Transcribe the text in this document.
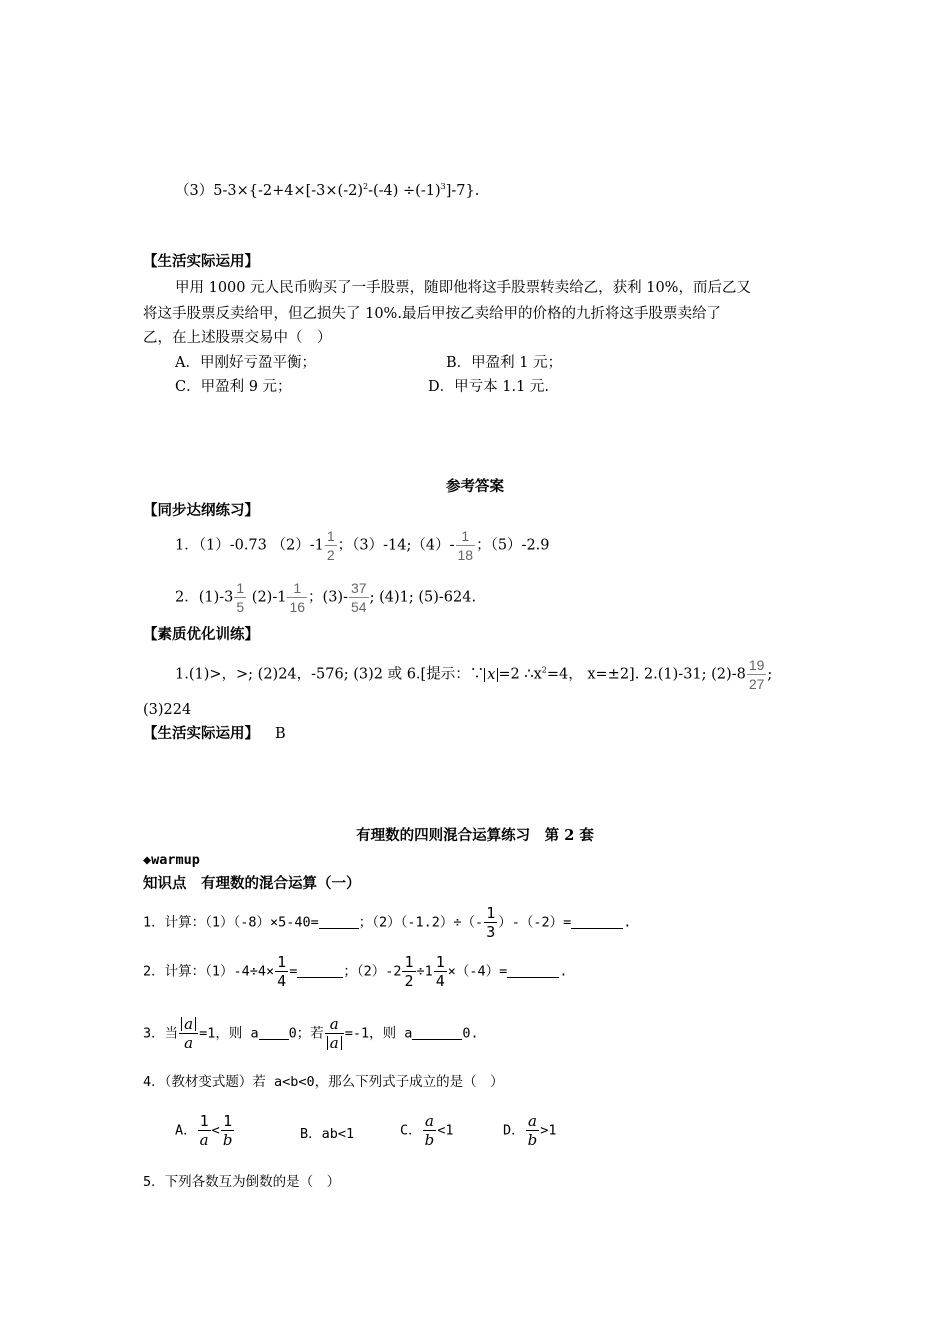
$(3)5-3\times\{-2+4\times[-3\times(-2)^2-(-4) \div(-1)^3]-7\}$.
【生活实际运用】
甲用 1000 元人民币购买了一手股票，随即他将这手股票转卖给乙，获利 10%，而后乙又
将这手股票反卖给甲，但乙损失了 10%.最后甲按乙卖给甲的价格的九折将这手股票卖给了
乙，在上述股票交易中（　）
A．甲刚好亏盈平衡；	B．甲盈利 1 元；
C．甲盈利 9 元；	D．甲亏本 1.1 元.
参考答案
【同步达纲练习】
1．（1）-0.73 $(2)-1 \frac{1}{2}$ ；（3）-14;（4）- $\frac{1}{18}$ ；（5）-2.9
2．$(1)-3 \frac{1}{5} (2)-1 \frac{1}{16}$ ；$(3)- \frac{37}{54}$ ; (4)1; (5)-624.
【素质优化训练】
1.(1)>，>; (2)24，-576; (3)2 或 6.[提示：∵ x =2 $\therefore x^2=4$， x=±2]. 2.(1)-31; $(2)-8 \frac{19}{27}$ ;
(3)224
【生活实际运用】 B
有理数的四则混合运算练习　第 2 套
◆warmup
知识点　有理数的混合运算（一）
1．计算：（1）（-8）×5-40=	；$(2)(-1.2)\div(- \frac{1}{3} )-(-2)=$	.
2．计算：$(1)-4\div 4\times \frac{1}{4}$ =	；$(2)-2 \frac{1}{2} \div 1 \frac{1}{4} \times(-4)=$	.
3．当 $\frac{a}{a} =1$，则 a 0；若 $\frac{a}{a} =-1$，则 a	0.
4．（教材变式题）若 a<b<0，那么下列式子成立的是（　）
A． $\frac{1}{a} < \frac{1}{b}$	B．ab<1	C． $\frac{a}{b} <1$	D． $\frac{a}{b} >1$
5．下列各数互为倒数的是（　）
